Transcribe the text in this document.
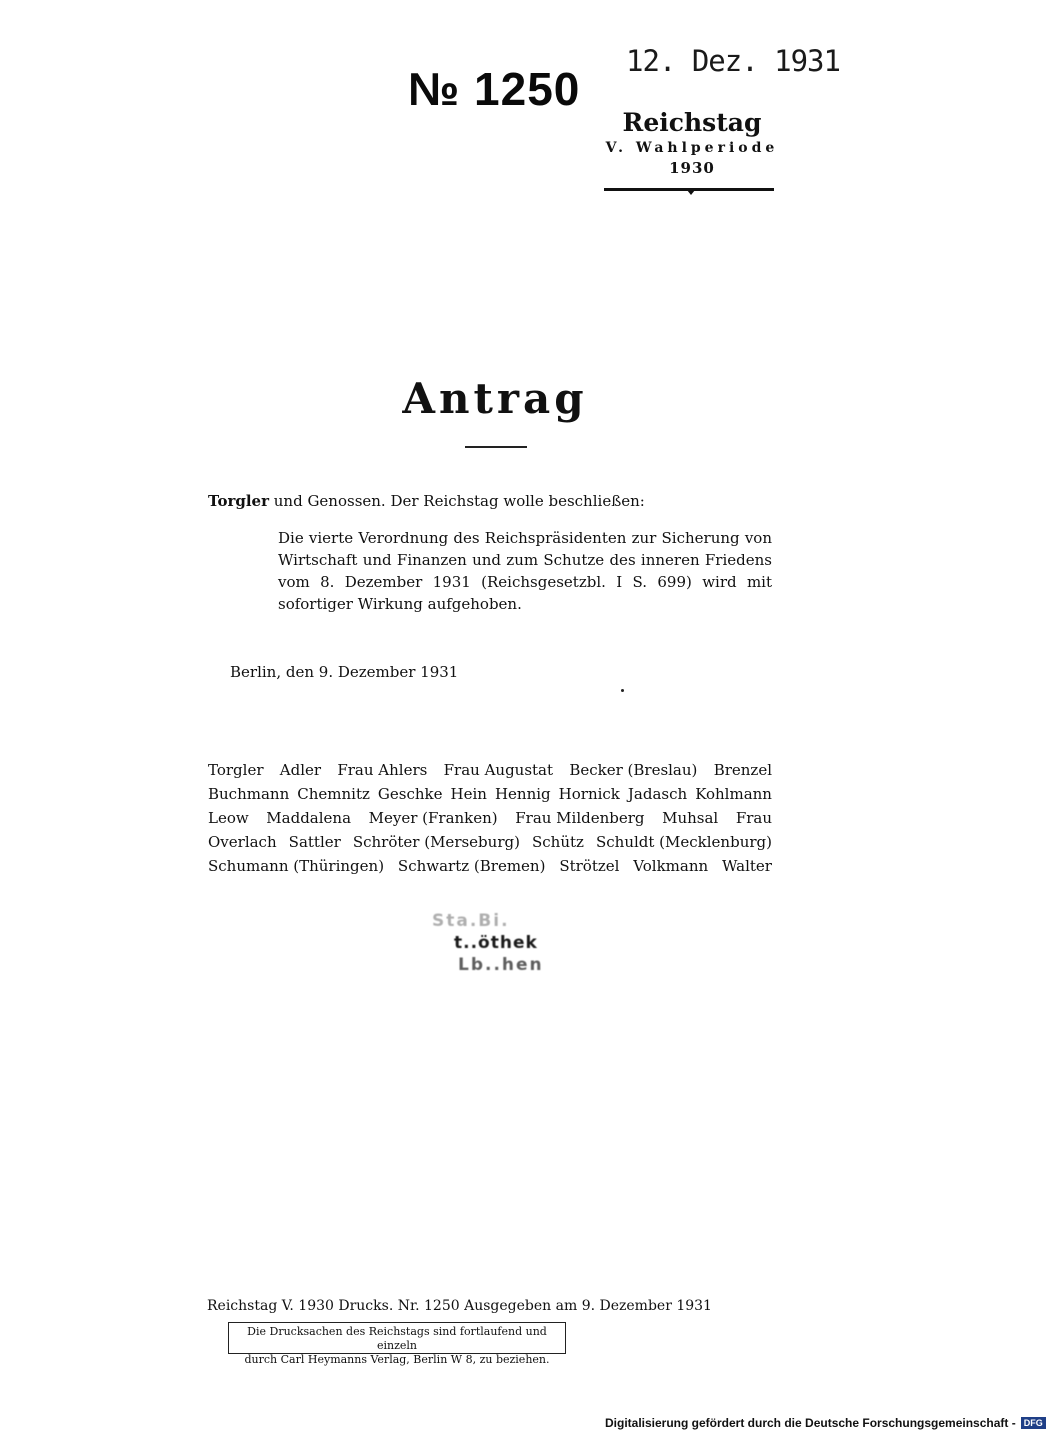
№ 1250
12. Dez. 1931
Reichstag
V. Wahlperiode
1930
Antrag
Torgler und Genossen. Der Reichstag wolle beschließen:
Die vierte Verordnung des Reichspräsidenten zur Sicherung von Wirtschaft und Finanzen und zum Schutze des inneren Friedens vom 8. Dezember 1931 (Reichsgesetzbl. I S. 699) wird mit sofortiger Wirkung aufgehoben.
Berlin, den 9. Dezember 1931
Torgler Adler Frau Ahlers Frau Augustat Becker (Breslau) Brenzel
Buchmann Chemnitz Geschke Hein Hennig Hornick Jadasch Kohlmann
Leow Maddalena Meyer (Franken) Frau Mildenberg Muhsal Frau
Overlach Sattler Schröter (Merseburg) Schütz Schuldt (Mecklenburg)
Schumann (Thüringen) Schwartz (Bremen) Strötzel Volkmann Walter
Sta.Bi.
t..öthek
Lb..hen
Reichstag V. 1930 Drucks. Nr. 1250 Ausgegeben am 9. Dezember 1931
Die Drucksachen des Reichstags sind fortlaufend und einzeln
durch Carl Heymanns Verlag, Berlin W 8, zu beziehen.
Digitalisierung gefördert durch die Deutsche Forschungsgemeinschaft - DFG
